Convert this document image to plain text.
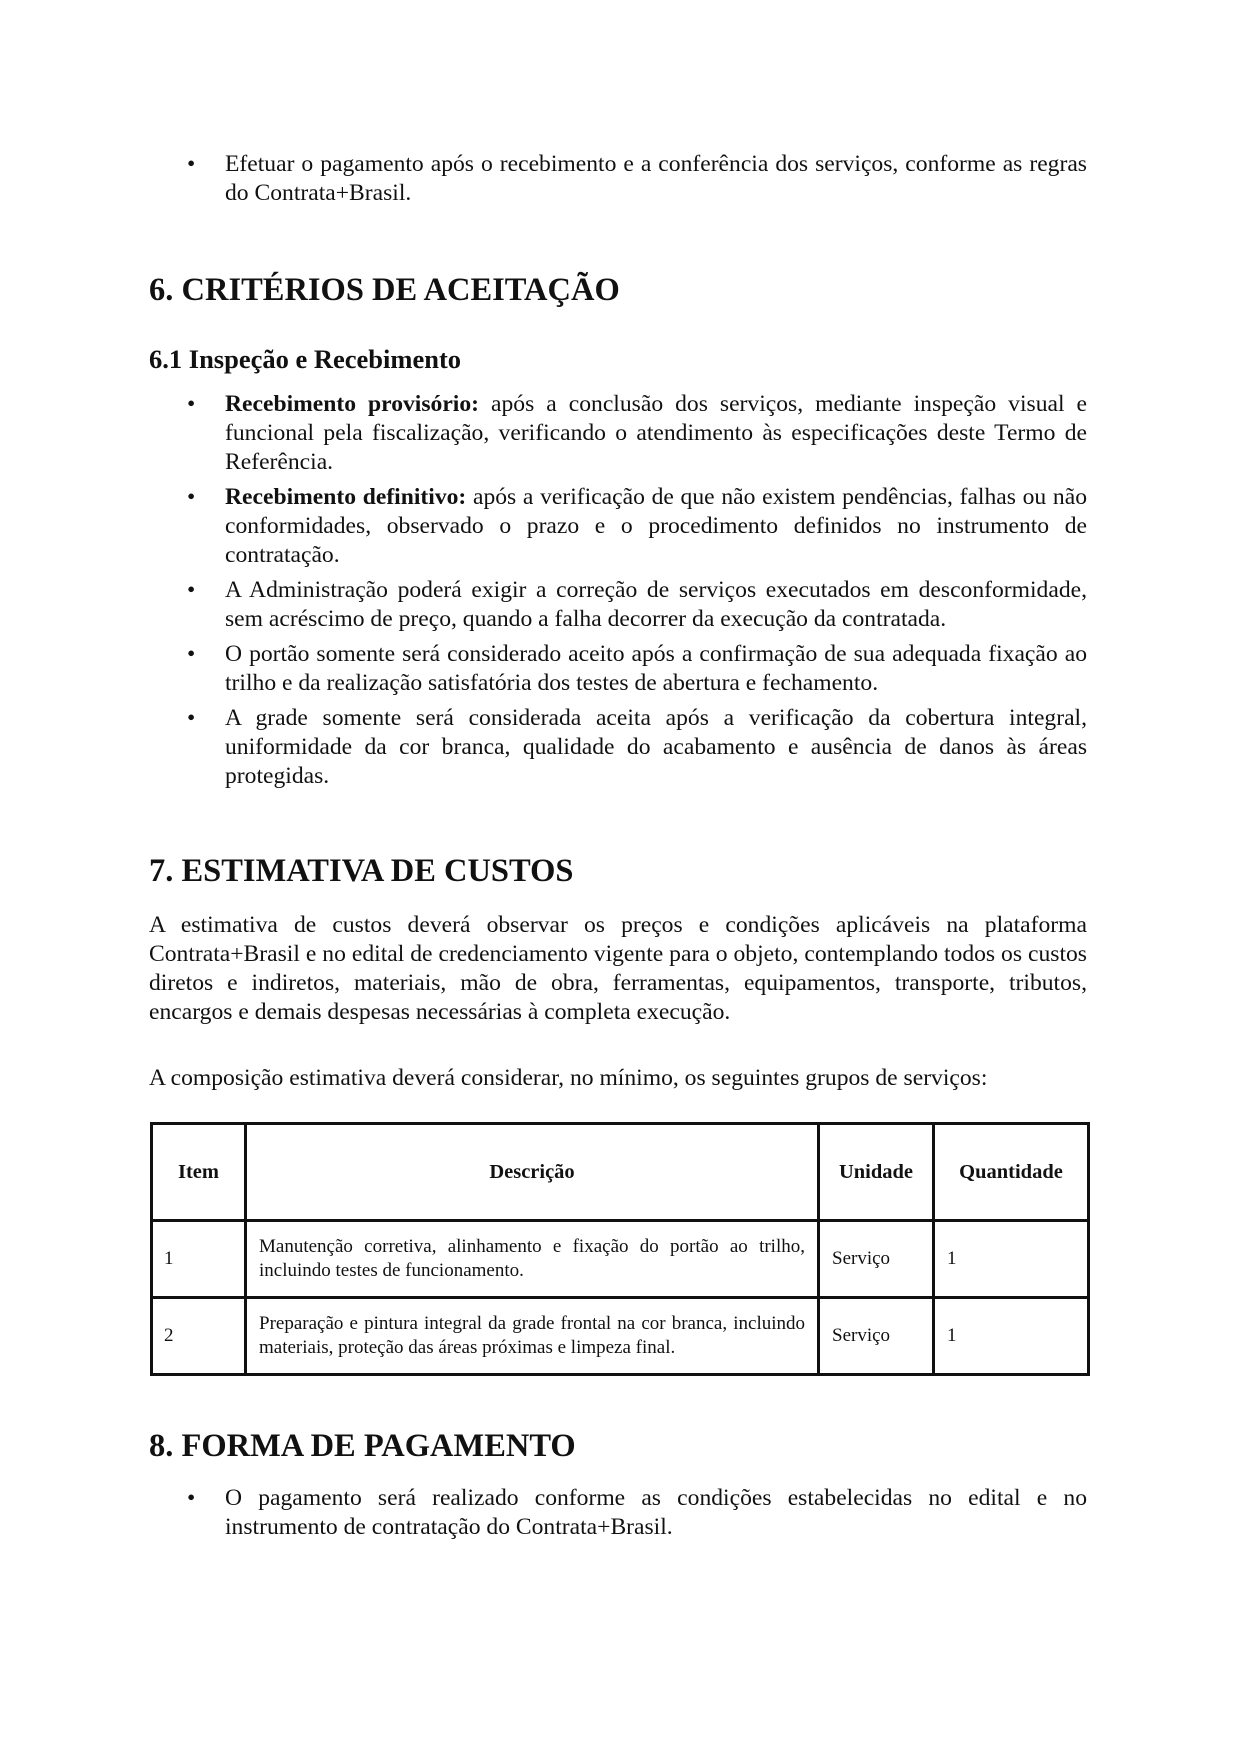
• Efetuar o pagamento após o recebimento e a conferência dos serviços, conforme as regras do Contrata+Brasil.
6. CRITÉRIOS DE ACEITAÇÃO
6.1 Inspeção e Recebimento
• Recebimento provisório: após a conclusão dos serviços, mediante inspeção visual e funcional pela fiscalização, verificando o atendimento às especificações deste Termo de Referência.
• Recebimento definitivo: após a verificação de que não existem pendências, falhas ou não conformidades, observado o prazo e o procedimento definidos no instrumento de contratação.
• A Administração poderá exigir a correção de serviços executados em desconformidade, sem acréscimo de preço, quando a falha decorrer da execução da contratada.
• O portão somente será considerado aceito após a confirmação de sua adequada fixação ao trilho e da realização satisfatória dos testes de abertura e fechamento.
• A grade somente será considerada aceita após a verificação da cobertura integral, uniformidade da cor branca, qualidade do acabamento e ausência de danos às áreas protegidas.
7. ESTIMATIVA DE CUSTOS

A estimativa de custos deverá observar os preços e condições aplicáveis na plataforma Contrata+Brasil e no edital de credenciamento vigente para o objeto, contemplando todos os custos diretos e indiretos, materiais, mão de obra, ferramentas, equipamentos, transporte, tributos, encargos e demais despesas necessárias à completa execução.

A composição estimativa deverá considerar, no mínimo, os seguintes grupos de serviços:

Item	Descrição	Unidade	Quantidade
1	Manutenção corretiva, alinhamento e fixação do portão ao trilho, incluindo testes de funcionamento.	Serviço	1
2	Preparação e pintura integral da grade frontal na cor branca, incluindo materiais, proteção das áreas próximas e limpeza final.	Serviço	1
8. FORMA DE PAGAMENTO
• O pagamento será realizado conforme as condições estabelecidas no edital e no instrumento de contratação do Contrata+Brasil.
